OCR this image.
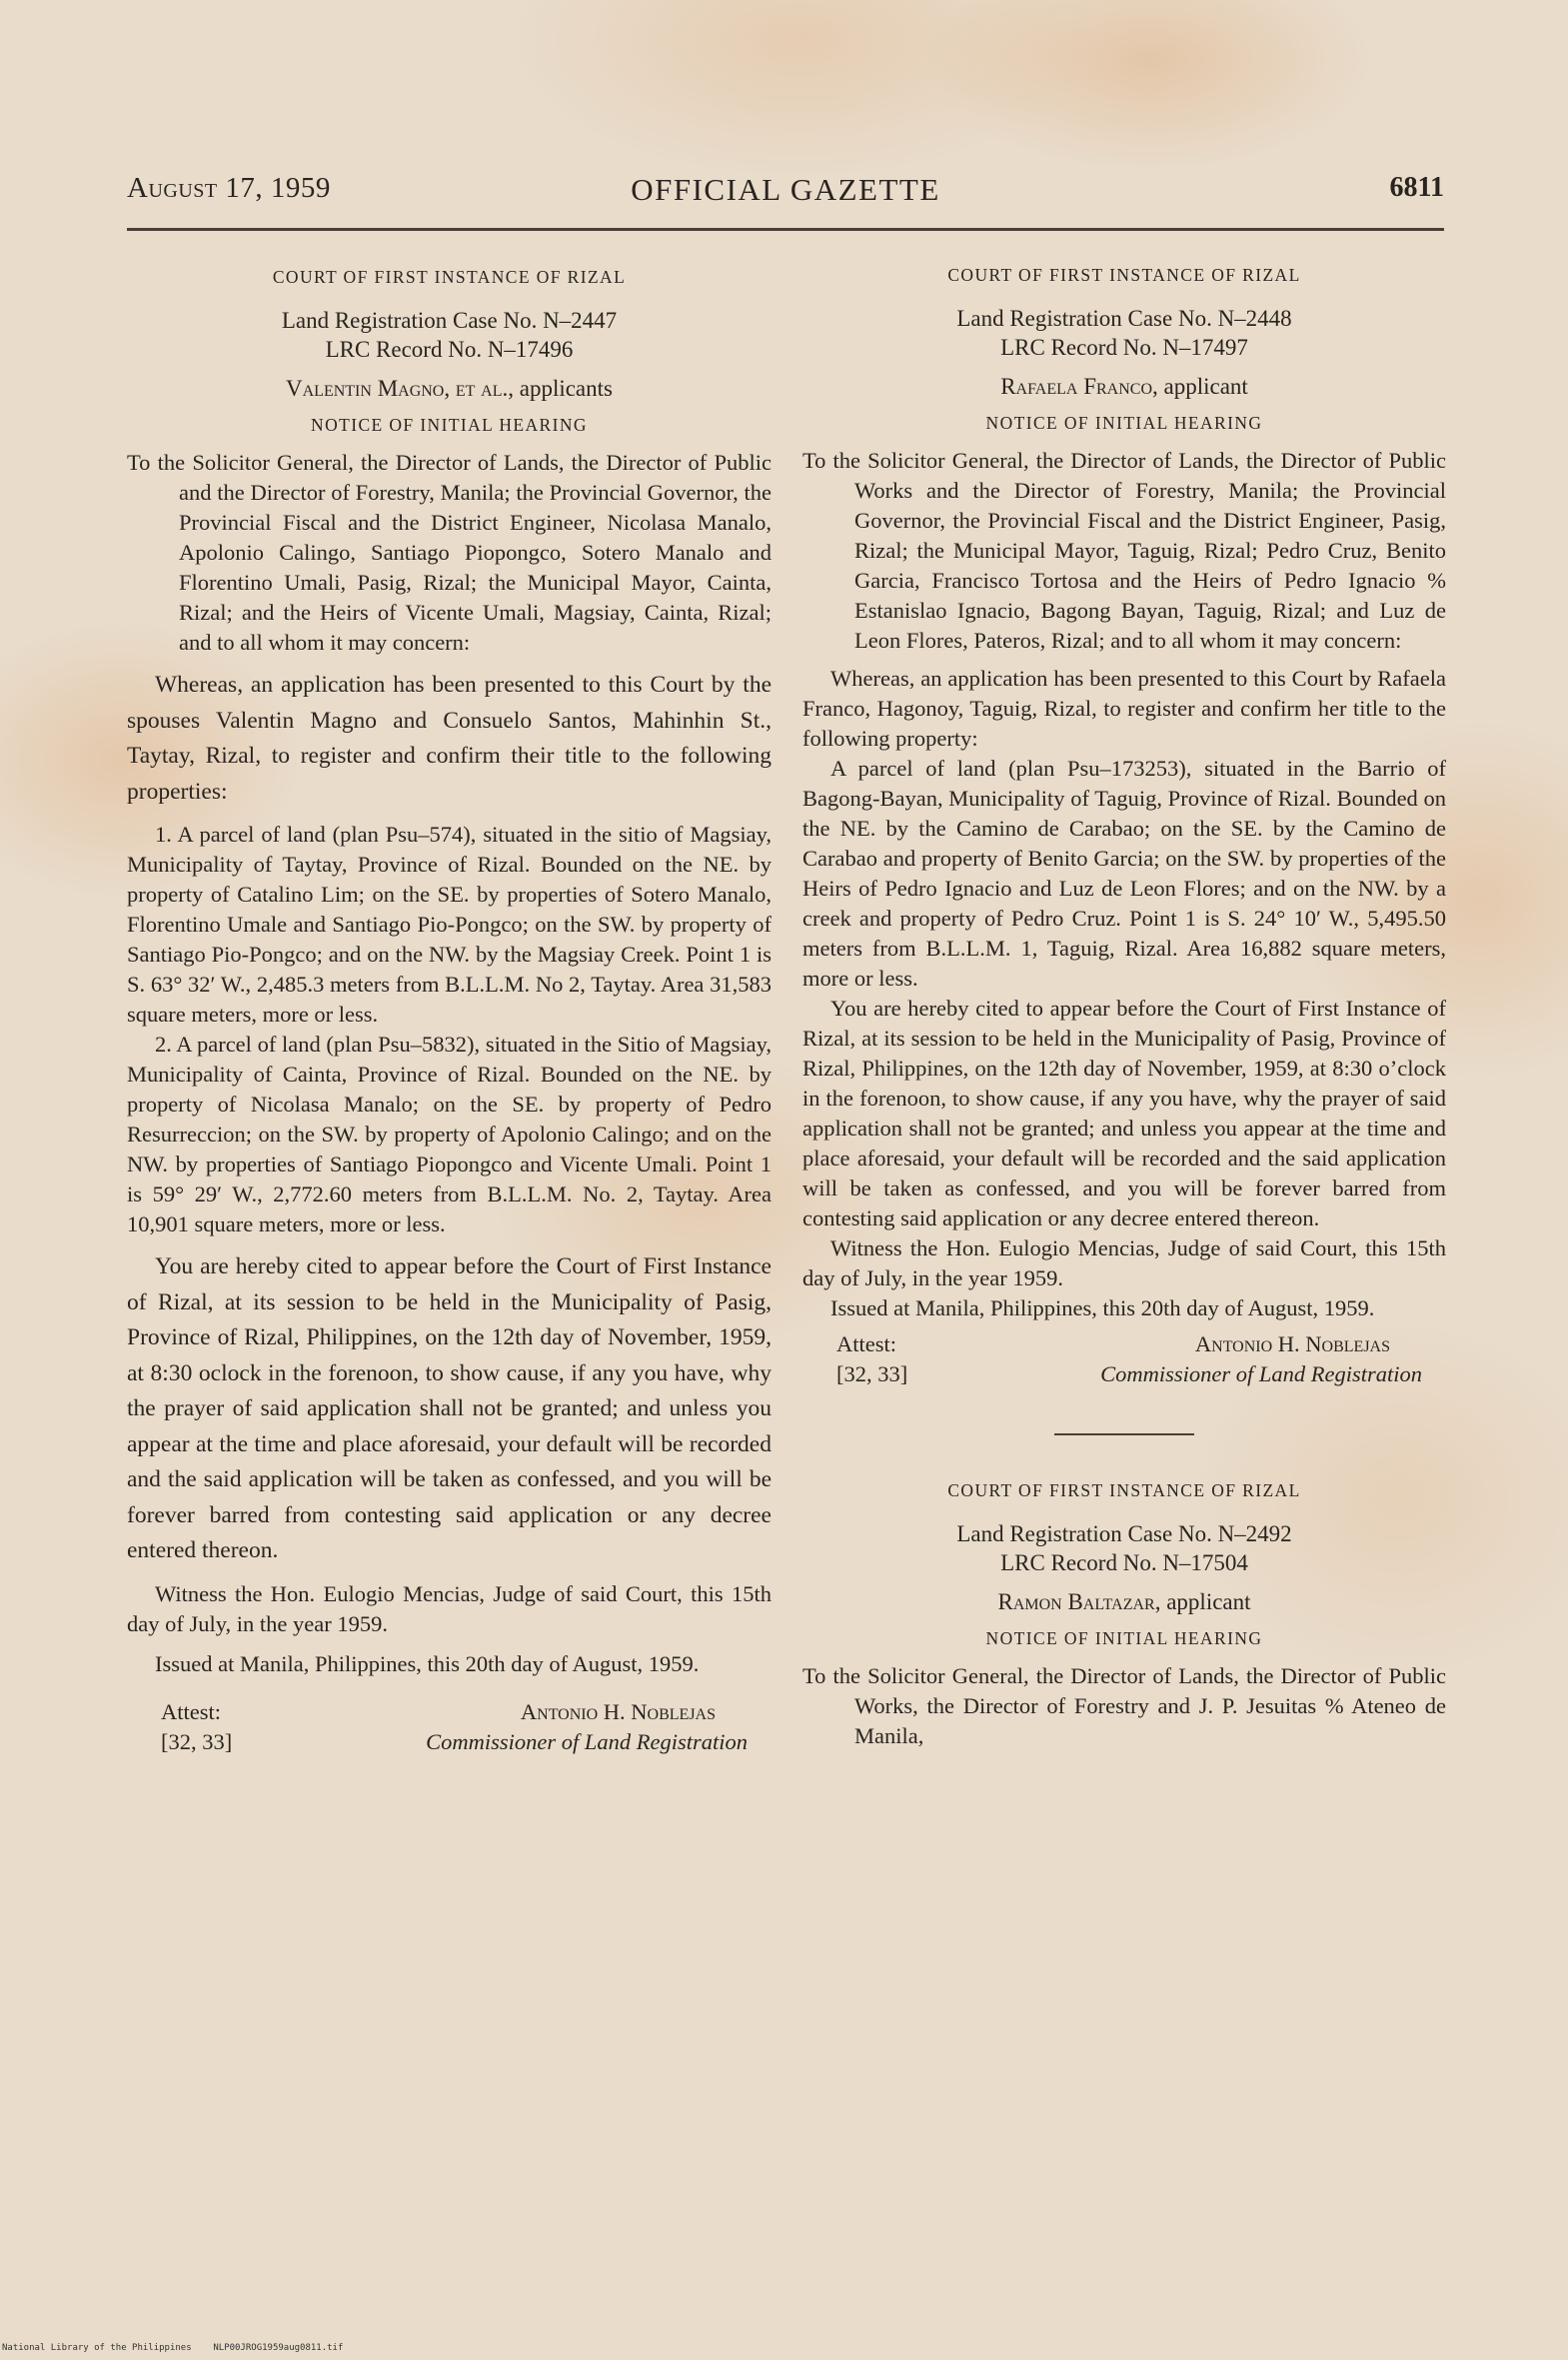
August 17, 1959	OFFICIAL GAZETTE	6811
COURT OF FIRST INSTANCE OF RIZAL
Land Registration Case No. N–2447
LRC Record No. N–17496
Valentin Magno, et al., applicants
NOTICE OF INITIAL HEARING

To the Solicitor General, the Director of Lands, the Director of Public and the Director of Forestry, Manila; the Provincial Governor, the Provincial Fiscal and the District Engineer, Nicolasa Manalo, Apolonio Calingo, Santiago Piopongco, Sotero Manalo and Florentino Umali, Pasig, Rizal; the Municipal Mayor, Cainta, Rizal; and the Heirs of Vicente Umali, Magsiay, Cainta, Rizal; and to all whom it may concern:

Whereas, an application has been presented to this Court by the spouses Valentin Magno and Consuelo Santos, Mahinhin St., Taytay, Rizal, to register and confirm their title to the following properties:

1. A parcel of land (plan Psu–574), situated in the sitio of Magsiay, Municipality of Taytay, Province of Rizal. Bounded on the NE. by property of Catalino Lim; on the SE. by properties of Sotero Manalo, Florentino Umale and Santiago Pio-Pongco; on the SW. by property of Santiago Pio-Pongco; and on the NW. by the Magsiay Creek. Point 1 is S. 63° 32′ W., 2,485.3 meters from B.L.L.M. No 2, Taytay. Area 31,583 square meters, more or less.

2. A parcel of land (plan Psu–5832), situated in the Sitio of Magsiay, Municipality of Cainta, Province of Rizal. Bounded on the NE. by property of Nicolasa Manalo; on the SE. by property of Pedro Resurreccion; on the SW. by property of Apolonio Calingo; and on the NW. by properties of Santiago Piopongco and Vicente Umali. Point 1 is 59° 29′ W., 2,772.60 meters from B.L.L.M. No. 2, Taytay. Area 10,901 square meters, more or less.

You are hereby cited to appear before the Court of First Instance of Rizal, at its session to be held in the Municipality of Pasig, Province of Rizal, Philippines, on the 12th day of November, 1959, at 8:30 oclock in the forenoon, to show cause, if any you have, why the prayer of said application shall not be granted; and unless you appear at the time and place aforesaid, your default will be recorded and the said application will be taken as confessed, and you will be forever barred from contesting said application or any decree entered thereon.

Witness the Hon. Eulogio Mencias, Judge of said Court, this 15th day of July, in the year 1959.

Issued at Manila, Philippines, this 20th day of August, 1959.

Attest:
[32, 33]
Antonio H. Noblejas
Commissioner of Land Registration
COURT OF FIRST INSTANCE OF RIZAL
Land Registration Case No. N–2448
LRC Record No. N–17497
Rafaela Franco, applicant
NOTICE OF INITIAL HEARING

To the Solicitor General, the Director of Lands, the Director of Public Works and the Director of Forestry, Manila; the Provincial Governor, the Provincial Fiscal and the District Engineer, Pasig, Rizal; the Municipal Mayor, Taguig, Rizal; Pedro Cruz, Benito Garcia, Francisco Tortosa and the Heirs of Pedro Ignacio % Estanislao Ignacio, Bagong Bayan, Taguig, Rizal; and Luz de Leon Flores, Pateros, Rizal; and to all whom it may concern:

Whereas, an application has been presented to this Court by Rafaela Franco, Hagonoy, Taguig, Rizal, to register and confirm her title to the following property:

A parcel of land (plan Psu–173253), situated in the Barrio of Bagong-Bayan, Municipality of Taguig, Province of Rizal. Bounded on the NE. by the Camino de Carabao; on the SE. by the Camino de Carabao and property of Benito Garcia; on the SW. by properties of the Heirs of Pedro Ignacio and Luz de Leon Flores; and on the NW. by a creek and property of Pedro Cruz. Point 1 is S. 24° 10′ W., 5,495.50 meters from B.L.L.M. 1, Taguig, Rizal. Area 16,882 square meters, more or less.

You are hereby cited to appear before the Court of First Instance of Rizal, at its session to be held in the Municipality of Pasig, Province of Rizal, Philippines, on the 12th day of November, 1959, at 8:30 o’clock in the forenoon, to show cause, if any you have, why the prayer of said application shall not be granted; and unless you appear at the time and place aforesaid, your default will be recorded and the said application will be taken as confessed, and you will be forever barred from contesting said application or any decree entered thereon.

Witness the Hon. Eulogio Mencias, Judge of said Court, this 15th day of July, in the year 1959.

Issued at Manila, Philippines, this 20th day of August, 1959.

Attest:
[32, 33]
Antonio H. Noblejas
Commissioner of Land Registration
COURT OF FIRST INSTANCE OF RIZAL
Land Registration Case No. N–2492
LRC Record No. N–17504
Ramon Baltazar, applicant
NOTICE OF INITIAL HEARING

To the Solicitor General, the Director of Lands, the Director of Public Works, the Director of Forestry and J. P. Jesuitas % Ateneo de Manila,

National Library of the Philippines NLP00JROG1959aug0811.tif
